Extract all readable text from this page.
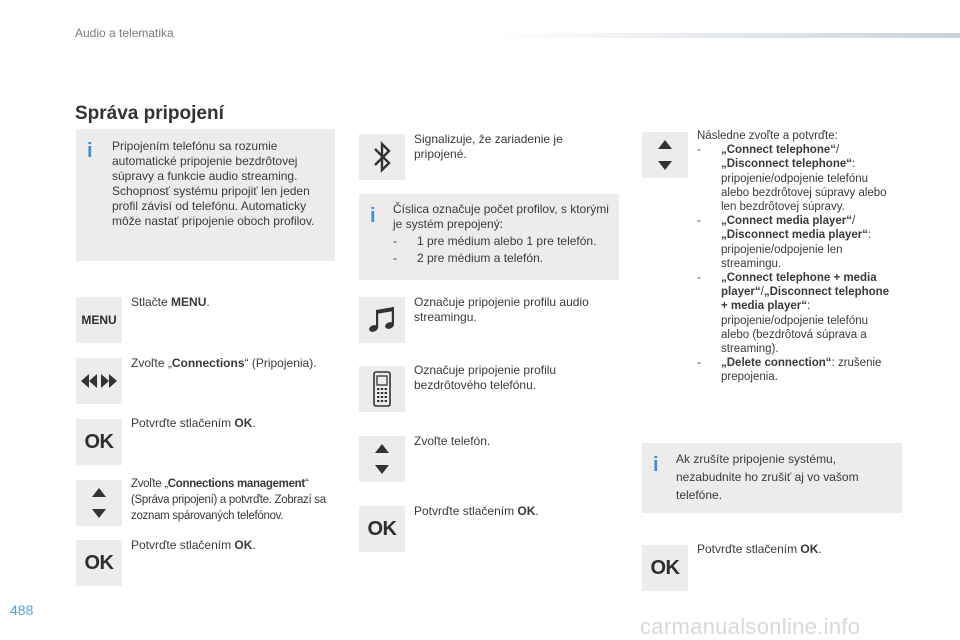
Audio a telematika
Správa pripojení
i Pripojením telefónu sa rozumie automatické pripojenie bezdrôtovej súpravy a funkcie audio streaming. Schopnosť systému pripojiť len jeden profil závisí od telefónu. Automaticky môže nastať pripojenie oboch profilov.
MENU
Stlačte MENU.
Zvoľte „Connections“ (Pripojenia).
OK
Potvrďte stlačením OK.
Zvoľte „Connections management“ (Správa pripojení) a potvrďte. Zobrazí sa zoznam spárovaných telefónov.
OK
Potvrďte stlačením OK.
Signalizuje, že zariadenie je pripojené.
i Číslica označuje počet profilov, s ktorými je systém prepojený:
- 1 pre médium alebo 1 pre telefón.
- 2 pre médium a telefón.
Označuje pripojenie profilu audio streamingu.
Označuje pripojenie profilu bezdrôtového telefónu.
Zvoľte telefón.
OK
Potvrďte stlačením OK.
Následne zvoľte a potvrďte:
- „Connect telephone“/„Disconnect telephone“: pripojenie/odpojenie telefónu alebo bezdrôtovej súpravy alebo len bezdrôtovej súpravy.
- „Connect media player“/„Disconnect media player“: pripojenie/odpojenie len streamingu.
- „Connect telephone + media player“/„Disconnect telephone + media player“: pripojenie/odpojenie telefónu alebo (bezdrôtová súprava a streaming).
- „Delete connection“: zrušenie prepojenia.
i Ak zrušíte pripojenie systému, nezabudnite ho zrušiť aj vo vašom telefóne.
OK
Potvrďte stlačením OK.
488
carmanualsonline.info
